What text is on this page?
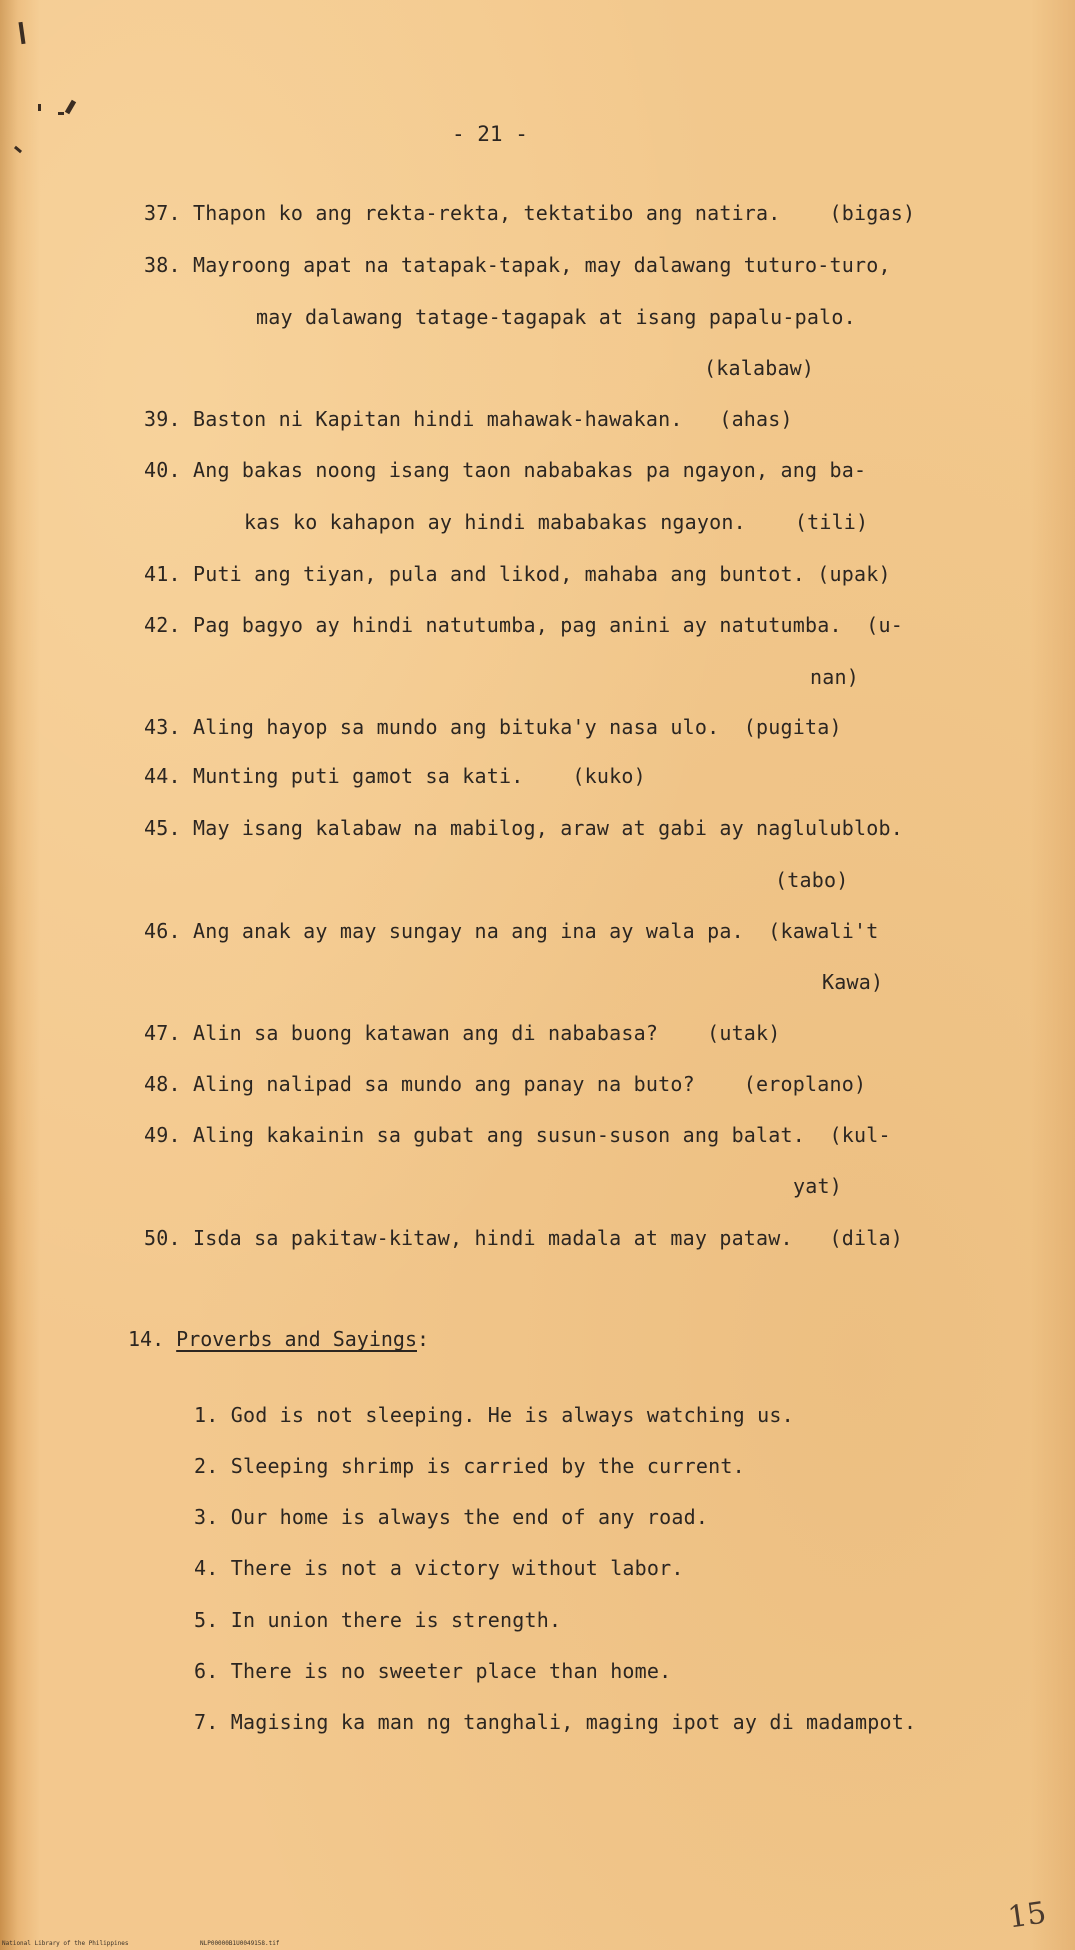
- 21 -
37. Thapon ko ang rekta-rekta, tektatibo ang natira.    (bigas)
38. Mayroong apat na tatapak-tapak, may dalawang tuturo-turo,
may dalawang tatage-tagapak at isang papalu-palo.
(kalabaw)
39. Baston ni Kapitan hindi mahawak-hawakan.   (ahas)
40. Ang bakas noong isang taon nababakas pa ngayon, ang ba-
kas ko kahapon ay hindi mababakas ngayon.    (tili)
41. Puti ang tiyan, pula and likod, mahaba ang buntot. (upak)
42. Pag bagyo ay hindi natutumba, pag anini ay natutumba.  (u-
nan)
43. Aling hayop sa mundo ang bituka'y nasa ulo.  (pugita)
44. Munting puti gamot sa kati.    (kuko)
45. May isang kalabaw na mabilog, araw at gabi ay naglulublob.
(tabo)
46. Ang anak ay may sungay na ang ina ay wala pa.  (kawali't
Kawa)
47. Alin sa buong katawan ang di nababasa?    (utak)
48. Aling nalipad sa mundo ang panay na buto?    (eroplano)
49. Aling kakainin sa gubat ang susun-suson ang balat.  (kul-
yat)
50. Isda sa pakitaw-kitaw, hindi madala at may pataw.   (dila)
14. Proverbs and Sayings:
1. God is not sleeping. He is always watching us.
2. Sleeping shrimp is carried by the current.
3. Our home is always the end of any road.
4. There is not a victory without labor.
5. In union there is strength.
6. There is no sweeter place than home.
7. Magising ka man ng tanghali, maging ipot ay di madampot.
15
National Library of the Philippines	NLP00000B1U0049158.tif
